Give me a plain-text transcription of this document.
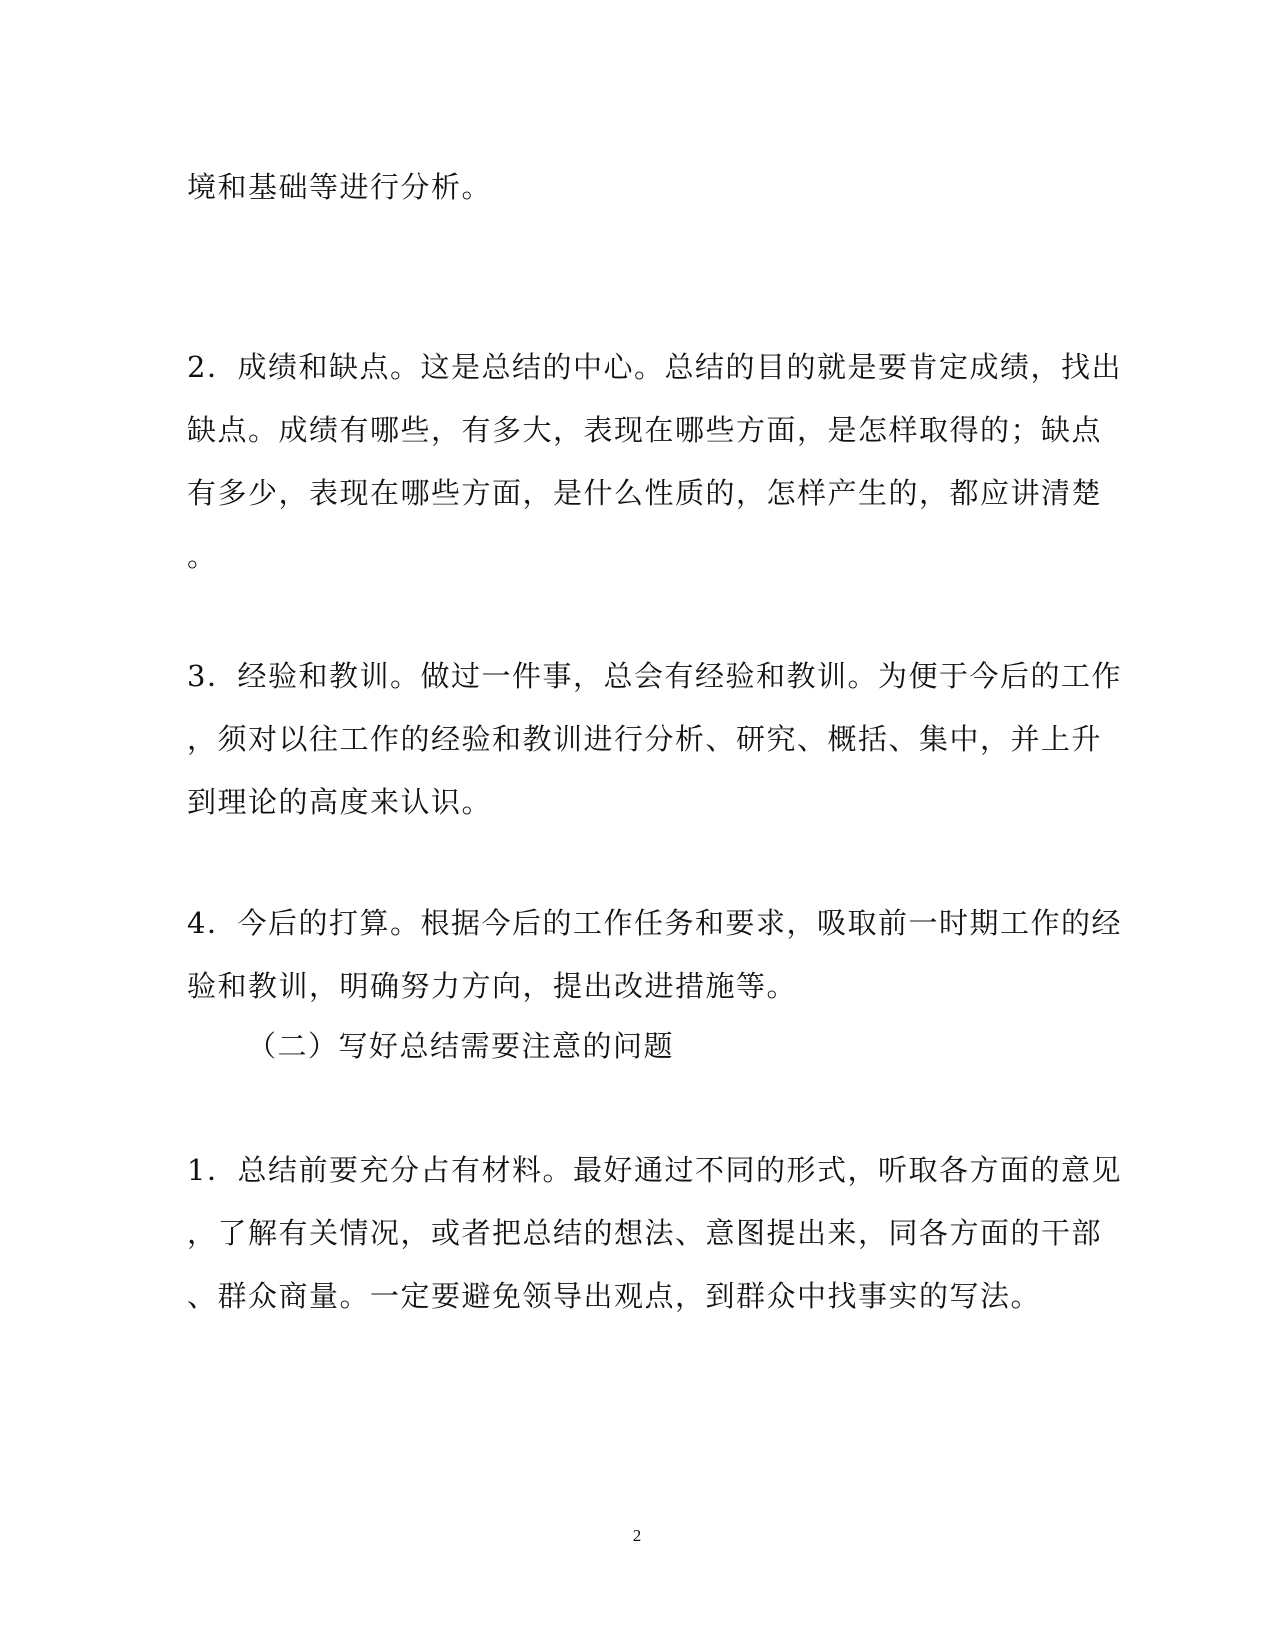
境和基础等进行分析。
2．成绩和缺点。这是总结的中心。总结的目的就是要肯定成绩，找出
缺点。成绩有哪些，有多大，表现在哪些方面，是怎样取得的；缺点
有多少，表现在哪些方面，是什么性质的，怎样产生的，都应讲清楚
。
3．经验和教训。做过一件事，总会有经验和教训。为便于今后的工作
，须对以往工作的经验和教训进行分析、研究、概括、集中，并上升
到理论的高度来认识。
4．今后的打算。根据今后的工作任务和要求，吸取前一时期工作的经
验和教训，明确努力方向，提出改进措施等。
（二）写好总结需要注意的问题
1．总结前要充分占有材料。最好通过不同的形式，听取各方面的意见
，了解有关情况，或者把总结的想法、意图提出来，同各方面的干部
、群众商量。一定要避免领导出观点，到群众中找事实的写法。
2
